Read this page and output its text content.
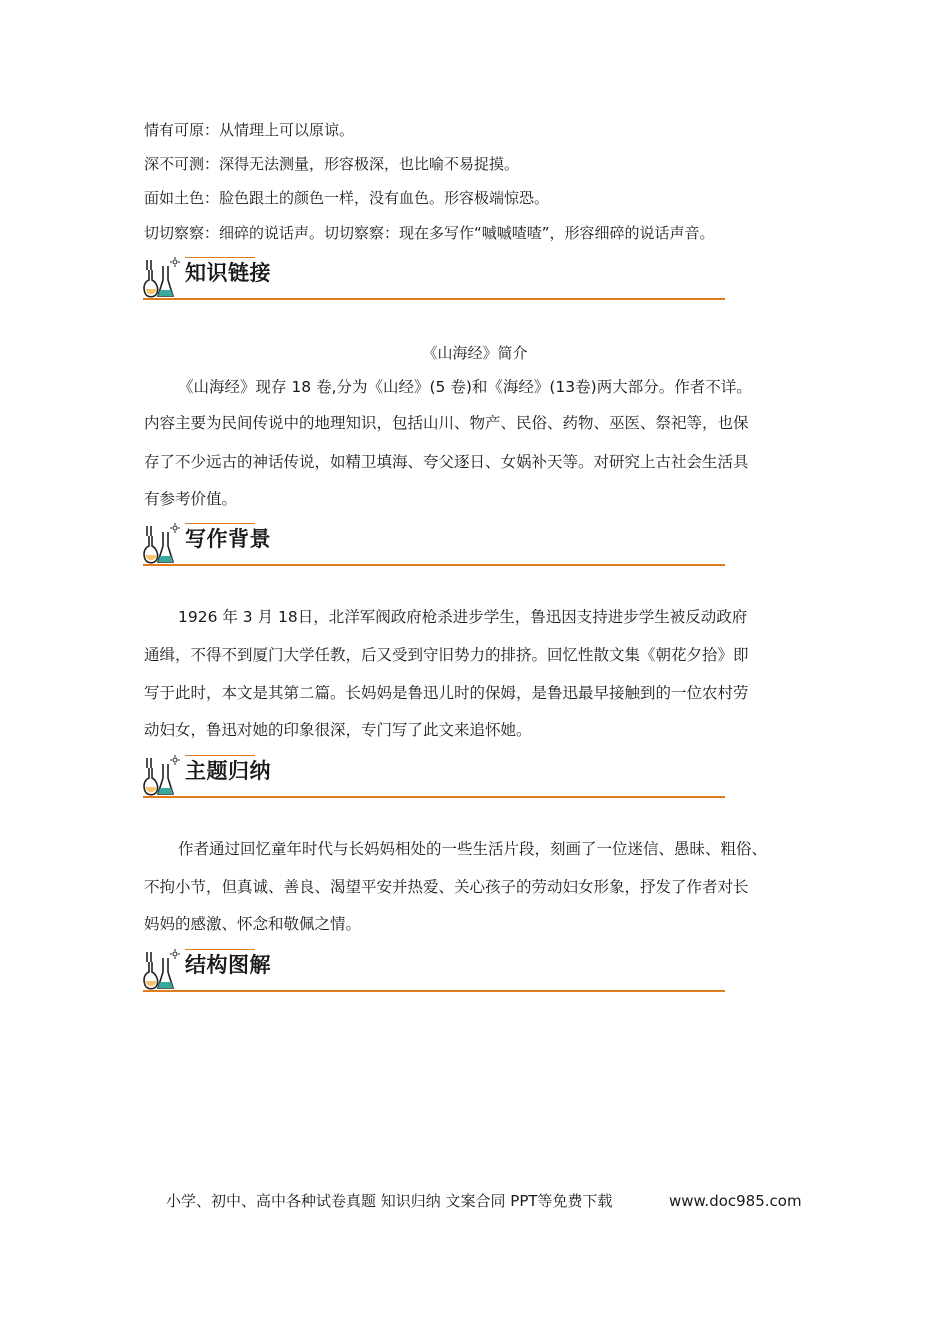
情有可原：从情理上可以原谅。
深不可测：深得无法测量，形容极深，也比喻不易捉摸。
面如土色：脸色跟土的颜色一样，没有血色。形容极端惊恐。
切切察察：细碎的说话声。切切察察：现在多写作“嘁嘁喳喳”，形容细碎的说话声音。
知识链接
《山海经》简介
《山海经》现存 18 卷,分为《山经》(5 卷)和《海经》(13卷)两大部分。作者不详。
内容主要为民间传说中的地理知识，包括山川、物产、民俗、药物、巫医、祭祀等，也保
存了不少远古的神话传说，如精卫填海、夸父逐日、女娲补天等。对研究上古社会生活具
有参考价值。
写作背景
1926 年 3 月 18日，北洋军阀政府枪杀进步学生，鲁迅因支持进步学生被反动政府
通缉，不得不到厦门大学任教，后又受到守旧势力的排挤。回忆性散文集《朝花夕拾》即
写于此时，本文是其第二篇。长妈妈是鲁迅儿时的保姆，是鲁迅最早接触到的一位农村劳
动妇女，鲁迅对她的印象很深，专门写了此文来追怀她。
主题归纳
作者通过回忆童年时代与长妈妈相处的一些生活片段，刻画了一位迷信、愚昧、粗俗、
不拘小节，但真诚、善良、渴望平安并热爱、关心孩子的劳动妇女形象，抒发了作者对长
妈妈的感激、怀念和敬佩之情。
结构图解
小学、初中、高中各种试卷真题 知识归纳 文案合同 PPT等免费下载	www.doc985.com
